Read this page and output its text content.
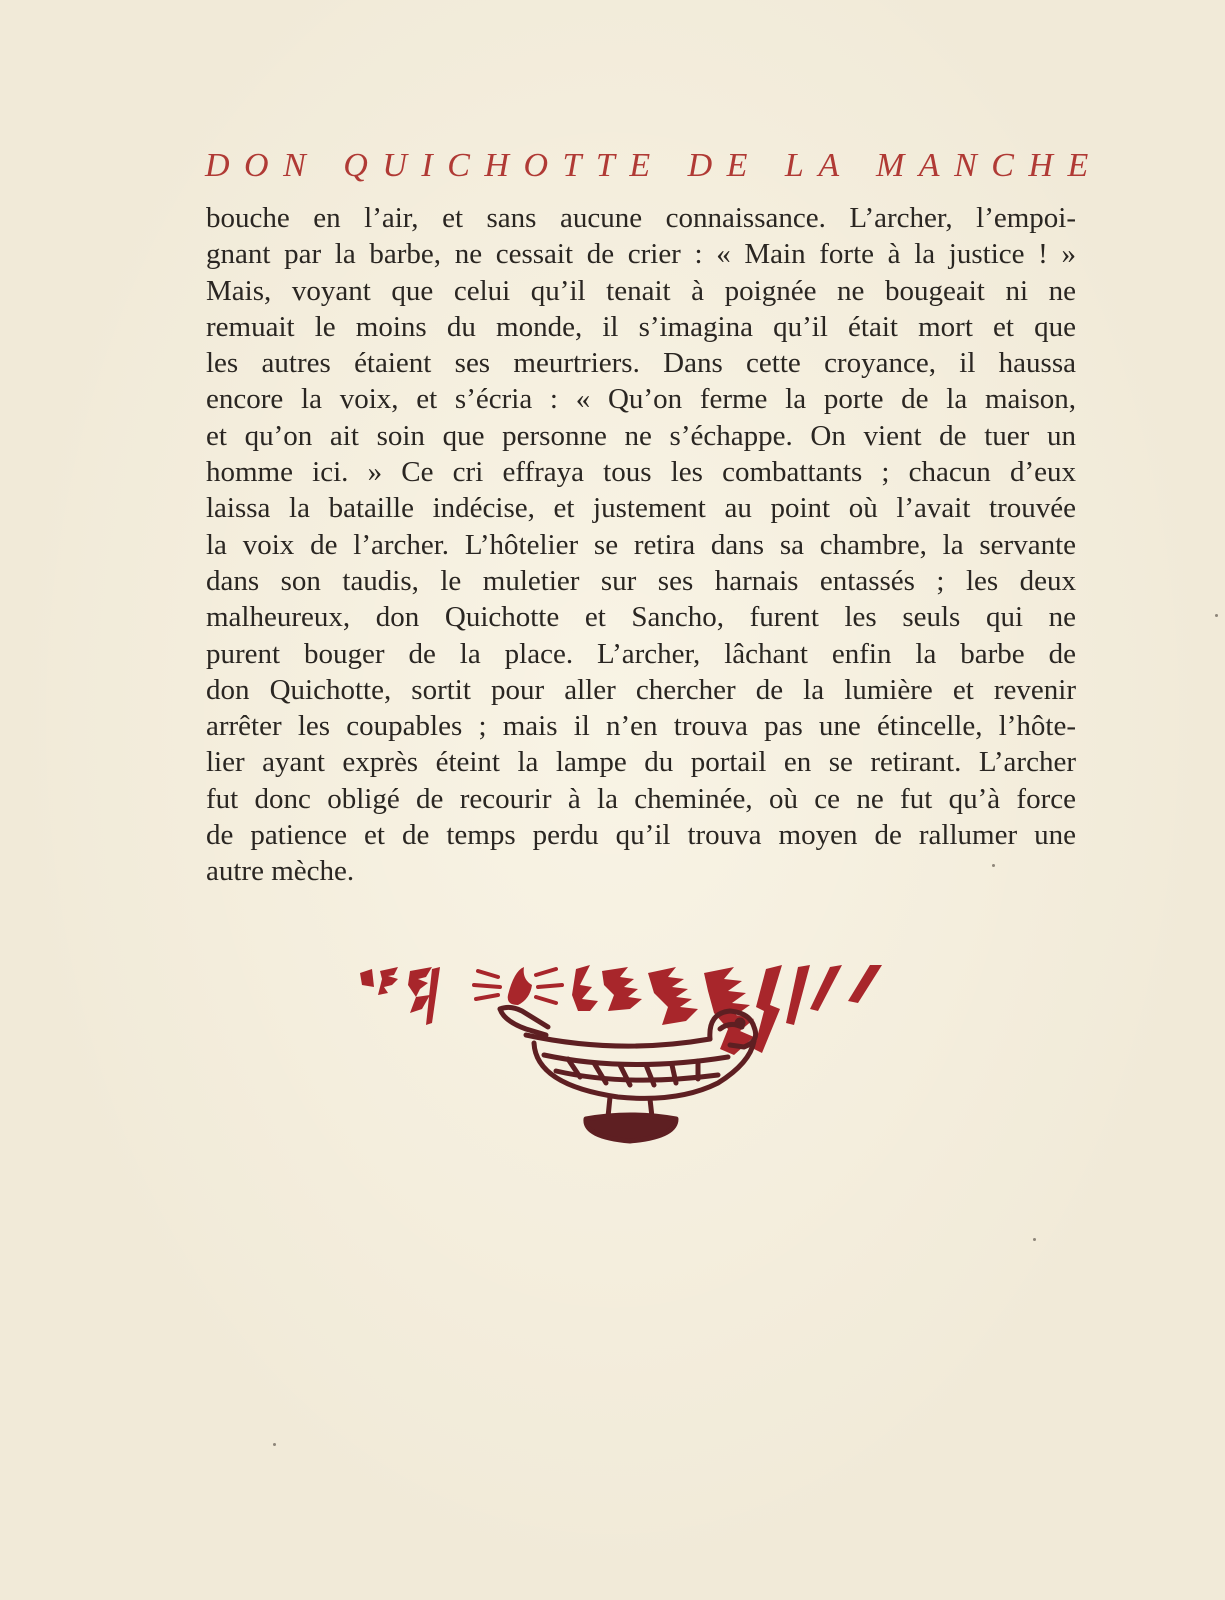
DON QUICHOTTE DE LA MANCHE
bouche en l’air, et sans aucune connaissance. L’archer, l’empoi-
gnant par la barbe, ne cessait de crier : « Main forte à la justice ! »
Mais, voyant que celui qu’il tenait à poignée ne bougeait ni ne
remuait le moins du monde, il s’imagina qu’il était mort et que
les autres étaient ses meurtriers. Dans cette croyance, il haussa
encore la voix, et s’écria : « Qu’on ferme la porte de la maison,
et qu’on ait soin que personne ne s’échappe. On vient de tuer un
homme ici. » Ce cri effraya tous les combattants ; chacun d’eux
laissa la bataille indécise, et justement au point où l’avait trouvée
la voix de l’archer. L’hôtelier se retira dans sa chambre, la servante
dans son taudis, le muletier sur ses harnais entassés ; les deux
malheureux, don Quichotte et Sancho, furent les seuls qui ne
purent bouger de la place. L’archer, lâchant enfin la barbe de
don Quichotte, sortit pour aller chercher de la lumière et revenir
arrêter les coupables ; mais il n’en trouva pas une étincelle, l’hôte-
lier ayant exprès éteint la lampe du portail en se retirant. L’archer
fut donc obligé de recourir à la cheminée, où ce ne fut qu’à force
de patience et de temps perdu qu’il trouva moyen de rallumer une
autre mèche.
